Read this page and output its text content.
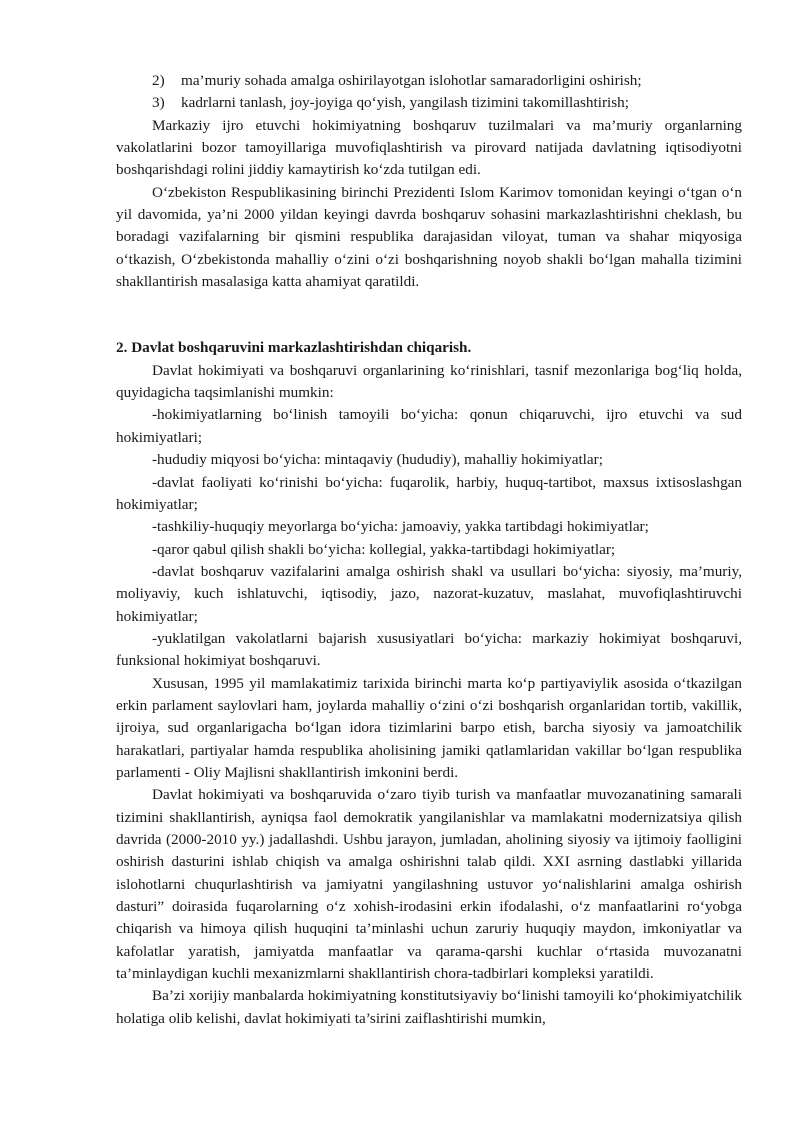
2)	ma’muriy sohada amalga oshirilayotgan islohotlar samaradorligini oshirish;
3)	kadrlarni tanlash, joy-joyiga qo‘yish, yangilash tizimini takomillashtirish;

Markaziy ijro etuvchi hokimiyatning boshqaruv tuzilmalari va ma’muriy organlarning vakolatlarini bozor tamoyillariga muvofiqlashtirish va pirovard natijada davlatning iqtisodiyotni boshqarishdagi rolini jiddiy kamaytirish ko‘zda tutilgan edi.

O‘zbekiston Respublikasining birinchi Prezidenti Islom Karimov tomonidan keyingi o‘tgan o‘n yil davomida, ya’ni 2000 yildan keyingi davrda boshqaruv sohasini markazlashtirishni cheklash, bu boradagi vazifalarning bir qismini respublika darajasidan viloyat, tuman va shahar miqyosiga o‘tkazish, O‘zbekistonda mahalliy o‘zini o‘zi boshqarishning noyob shakli bo‘lgan mahalla tizimini shakllantirish masalasiga katta ahamiyat qaratildi.

2. Davlat boshqaruvini markazlashtirishdan chiqarish.

Davlat hokimiyati va boshqaruvi organlarining ko‘rinishlari, tasnif mezonlariga bog‘liq holda, quyidagicha taqsimlanishi mumkin:

-hokimiyatlarning bo‘linish tamoyili bo‘yicha: qonun chiqaruvchi, ijro etuvchi va sud hokimiyatlari;

-hududiy miqyosi bo‘yicha: mintaqaviy (hududiy), mahalliy hokimiyatlar;

-davlat faoliyati ko‘rinishi bo‘yicha: fuqarolik, harbiy, huquq-tartibot, maxsus ixtisoslashgan hokimiyatlar;

-tashkiliy-huquqiy meyorlarga bo‘yicha: jamoaviy, yakka tartibdagi hokimiyatlar;

-qaror qabul qilish shakli bo‘yicha: kollegial, yakka-tartibdagi hokimiyatlar;

-davlat boshqaruv vazifalarini amalga oshirish shakl va usullari bo‘yicha: siyosiy, ma’muriy, moliyaviy, kuch ishlatuvchi, iqtisodiy, jazo, nazorat-kuzatuv, maslahat, muvofiqlashtiruvchi hokimiyatlar;

-yuklatilgan vakolatlarni bajarish xususiyatlari bo‘yicha: markaziy hokimiyat boshqaruvi, funksional hokimiyat boshqaruvi.

Xususan, 1995 yil mamlakatimiz tarixida birinchi marta ko‘p partiyaviylik asosida o‘tkazilgan erkin parlament saylovlari ham, joylarda mahalliy o‘zini o‘zi boshqarish organlaridan tortib, vakillik, ijroiya, sud organlarigacha bo‘lgan idora tizimlarini barpo etish, barcha siyosiy va jamoatchilik harakatlari, partiyalar hamda respublika aholisining jamiki qatlamlaridan vakillar bo‘lgan respublika parlamenti - Oliy Majlisni shakllantirish imkonini berdi.

Davlat hokimiyati va boshqaruvida o‘zaro tiyib turish va manfaatlar muvozanatining samarali tizimini shakllantirish, ayniqsa faol demokratik yangilanishlar va mamlakatni modernizatsiya qilish davrida (2000-2010 yy.) jadallashdi. Ushbu jarayon, jumladan, aholining siyosiy va ijtimoiy faolligini oshirish dasturini ishlab chiqish va amalga oshirishni talab qildi. XXI asrning dastlabki yillarida islohotlarni chuqurlashtirish va jamiyatni yangilashning ustuvor yo‘nalishlarini amalga oshirish dasturi” doirasida fuqarolarning o‘z xohish-irodasini erkin ifodalashi, o‘z manfaatlarini ro‘yobga chiqarish va himoya qilish huquqini ta’minlashi uchun zaruriy huquqiy maydon, imkoniyatlar va kafolatlar yaratish, jamiyatda manfaatlar va qarama-qarshi kuchlar o‘rtasida muvozanatni ta’minlaydigan kuchli mexanizmlarni shakllantirish chora-tadbirlari kompleksi yaratildi.

Ba’zi xorijiy manbalarda hokimiyatning konstitutsiyaviy bo‘linishi tamoyili ko‘phokimiyatchilik holatiga olib kelishi, davlat hokimiyati ta’sirini zaiflashtirishi mumkin,
